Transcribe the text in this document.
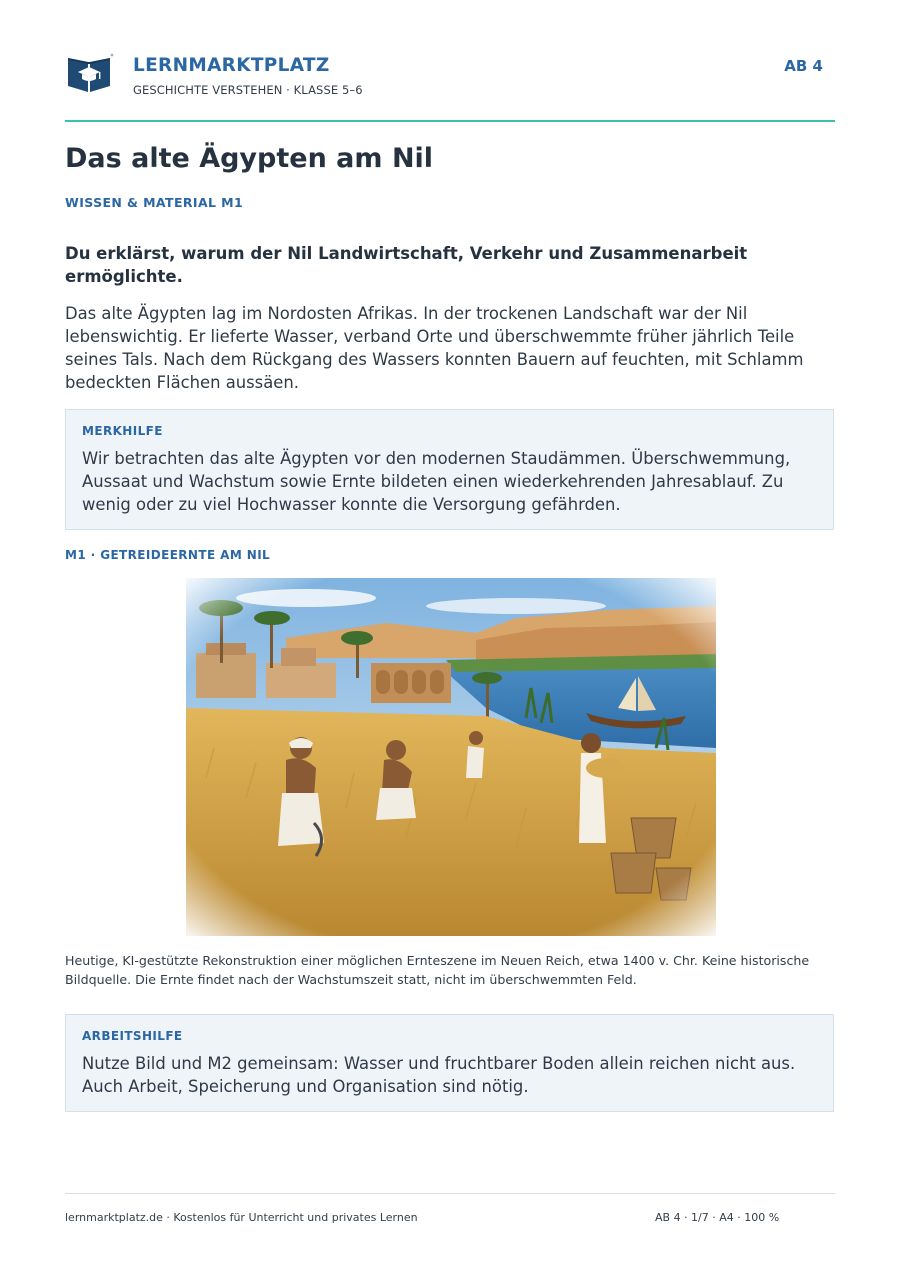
LERNMARKTPLATZ
GESCHICHTE VERSTEHEN · KLASSE 5–6
AB 4
Das alte Ägypten am Nil
WISSEN & MATERIAL M1
Du erklärst, warum der Nil Landwirtschaft, Verkehr und Zusammenarbeit ermöglichte.
Das alte Ägypten lag im Nordosten Afrikas. In der trockenen Landschaft war der Nil lebenswichtig. Er lieferte Wasser, verband Orte und überschwemmte früher jährlich Teile seines Tals. Nach dem Rückgang des Wassers konnten Bauern auf feuchten, mit Schlamm bedeckten Flächen aussäen.
MERKHILFE
Wir betrachten das alte Ägypten vor den modernen Staudämmen. Überschwemmung, Aussaat und Wachstum sowie Ernte bildeten einen wiederkehrenden Jahresablauf. Zu wenig oder zu viel Hochwasser konnte die Versorgung gefährden.
M1 · GETREIDEERNTE AM NIL
Heutige, KI-gestützte Rekonstruktion einer möglichen Ernteszene im Neuen Reich, etwa 1400 v. Chr. Keine historische Bildquelle. Die Ernte findet nach der Wachstumszeit statt, nicht im überschwemmten Feld.
ARBEITSHILFE
Nutze Bild und M2 gemeinsam: Wasser und fruchtbarer Boden allein reichen nicht aus. Auch Arbeit, Speicherung und Organisation sind nötig.
lernmarktplatz.de · Kostenlos für Unterricht und privates Lernen	AB 4 · 1/7 · A4 · 100 %
